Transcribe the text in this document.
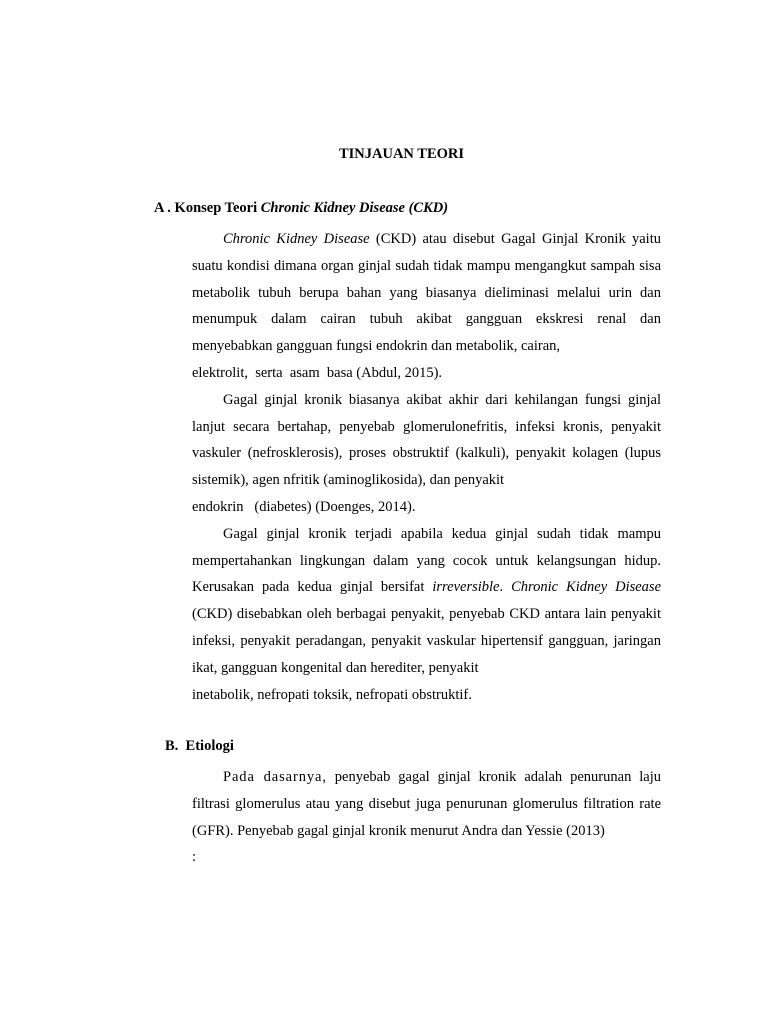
TINJAUAN TEORI
A . Konsep Teori Chronic Kidney Disease (CKD)

Chronic Kidney Disease (CKD) atau disebut Gagal Ginjal Kronik yaitu suatu kondisi dimana organ ginjal sudah tidak mampu mengangkut sampah sisa metabolik tubuh berupa bahan yang biasanya dieliminasi melalui urin dan menumpuk dalam cairan tubuh akibat gangguan ekskresi renal dan menyebabkan gangguan fungsi endokrin dan metabolik, cairan,

elektrolit,  serta  asam  basa (Abdul, 2015).

Gagal ginjal kronik biasanya akibat akhir dari kehilangan fungsi ginjal lanjut secara bertahap, penyebab glomerulonefritis, infeksi kronis, penyakit vaskuler (nefrosklerosis), proses obstruktif (kalkuli), penyakit kolagen (lupus sistemik), agen nfritik (aminoglikosida), dan penyakit

endokrin   (diabetes) (Doenges, 2014).

Gagal ginjal kronik terjadi apabila kedua ginjal sudah tidak mampu mempertahankan lingkungan dalam yang cocok untuk kelangsungan hidup. Kerusakan pada kedua ginjal bersifat irreversible. Chronic Kidney Disease (CKD) disebabkan oleh berbagai penyakit, penyebab CKD antara lain penyakit infeksi, penyakit peradangan, penyakit vaskular hipertensif gangguan, jaringan ikat, gangguan kongenital dan herediter, penyakit

inetabolik, nefropati toksik, nefropati obstruktif.

B.  Etiologi

Pada dasarnya, penyebab gagal ginjal kronik adalah penurunan laju filtrasi glomerulus atau yang disebut juga penurunan glomerulus filtration rate (GFR). Penyebab gagal ginjal kronik menurut Andra dan Yessie (2013)

:
